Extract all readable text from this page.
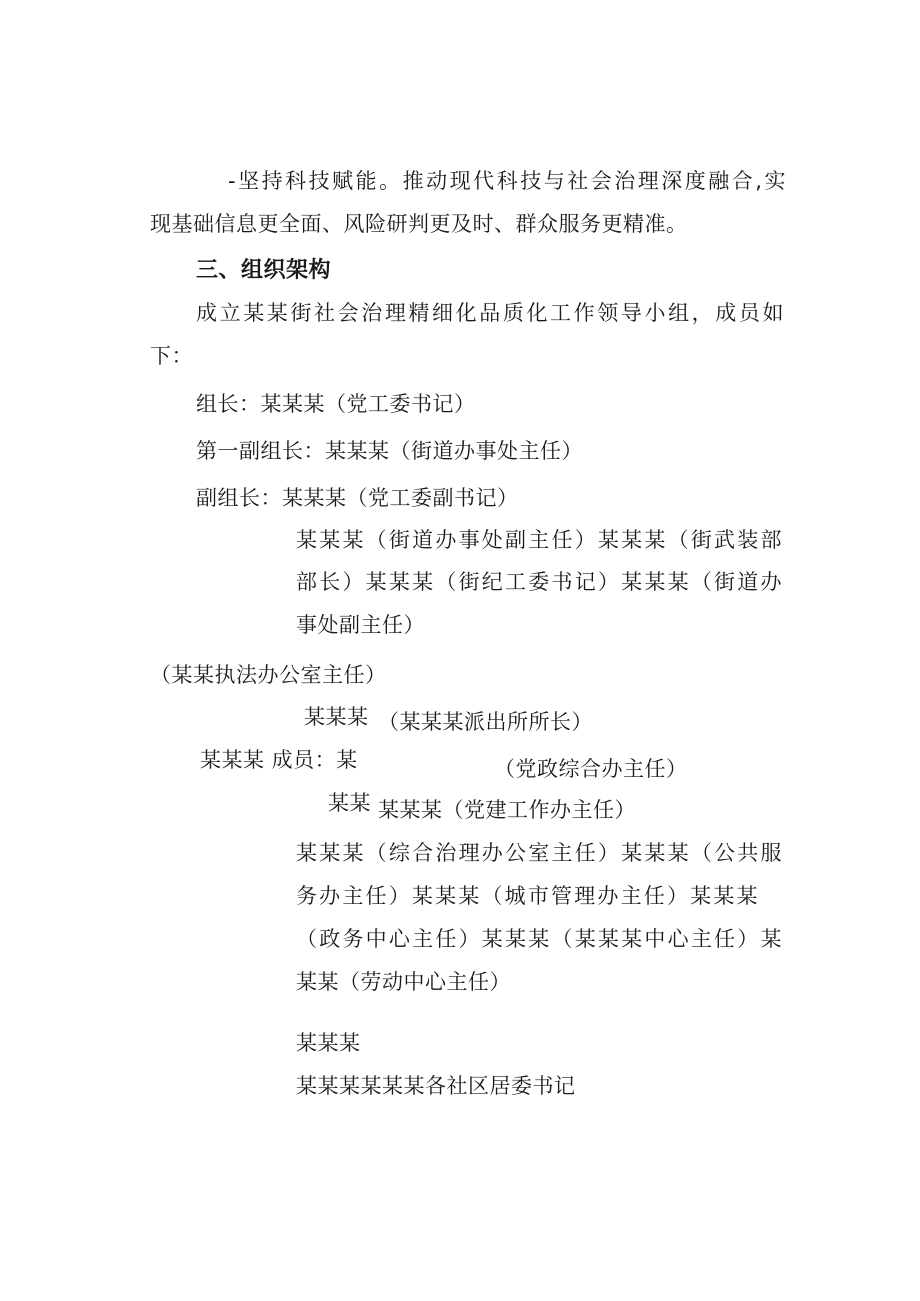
-坚持科技赋能。推动现代科技与社会治理深度融合,实
现基础信息更全面、风险研判更及时、群众服务更精准。
三、组织架构
成立某某街社会治理精细化品质化工作领导小组，成员如
下：
组长：某某某（党工委书记）
第一副组长：某某某（街道办事处主任）
副组长：某某某（党工委副书记）
某某某（街道办事处副主任）某某某（街武装部
部长）某某某（街纪工委书记）某某某（街道办
事处副主任）
（某某执法办公室主任）
某某某 （某某某派出所所长）
某某某 成员：某	（党政综合办主任）
某某 某某某（党建工作办主任）
某某某（综合治理办公室主任）某某某（公共服
务办主任）某某某（城市管理办主任）某某某
（政务中心主任）某某某（某某某中心主任）某
某某（劳动中心主任）
某某某
某某某某某某各社区居委书记
